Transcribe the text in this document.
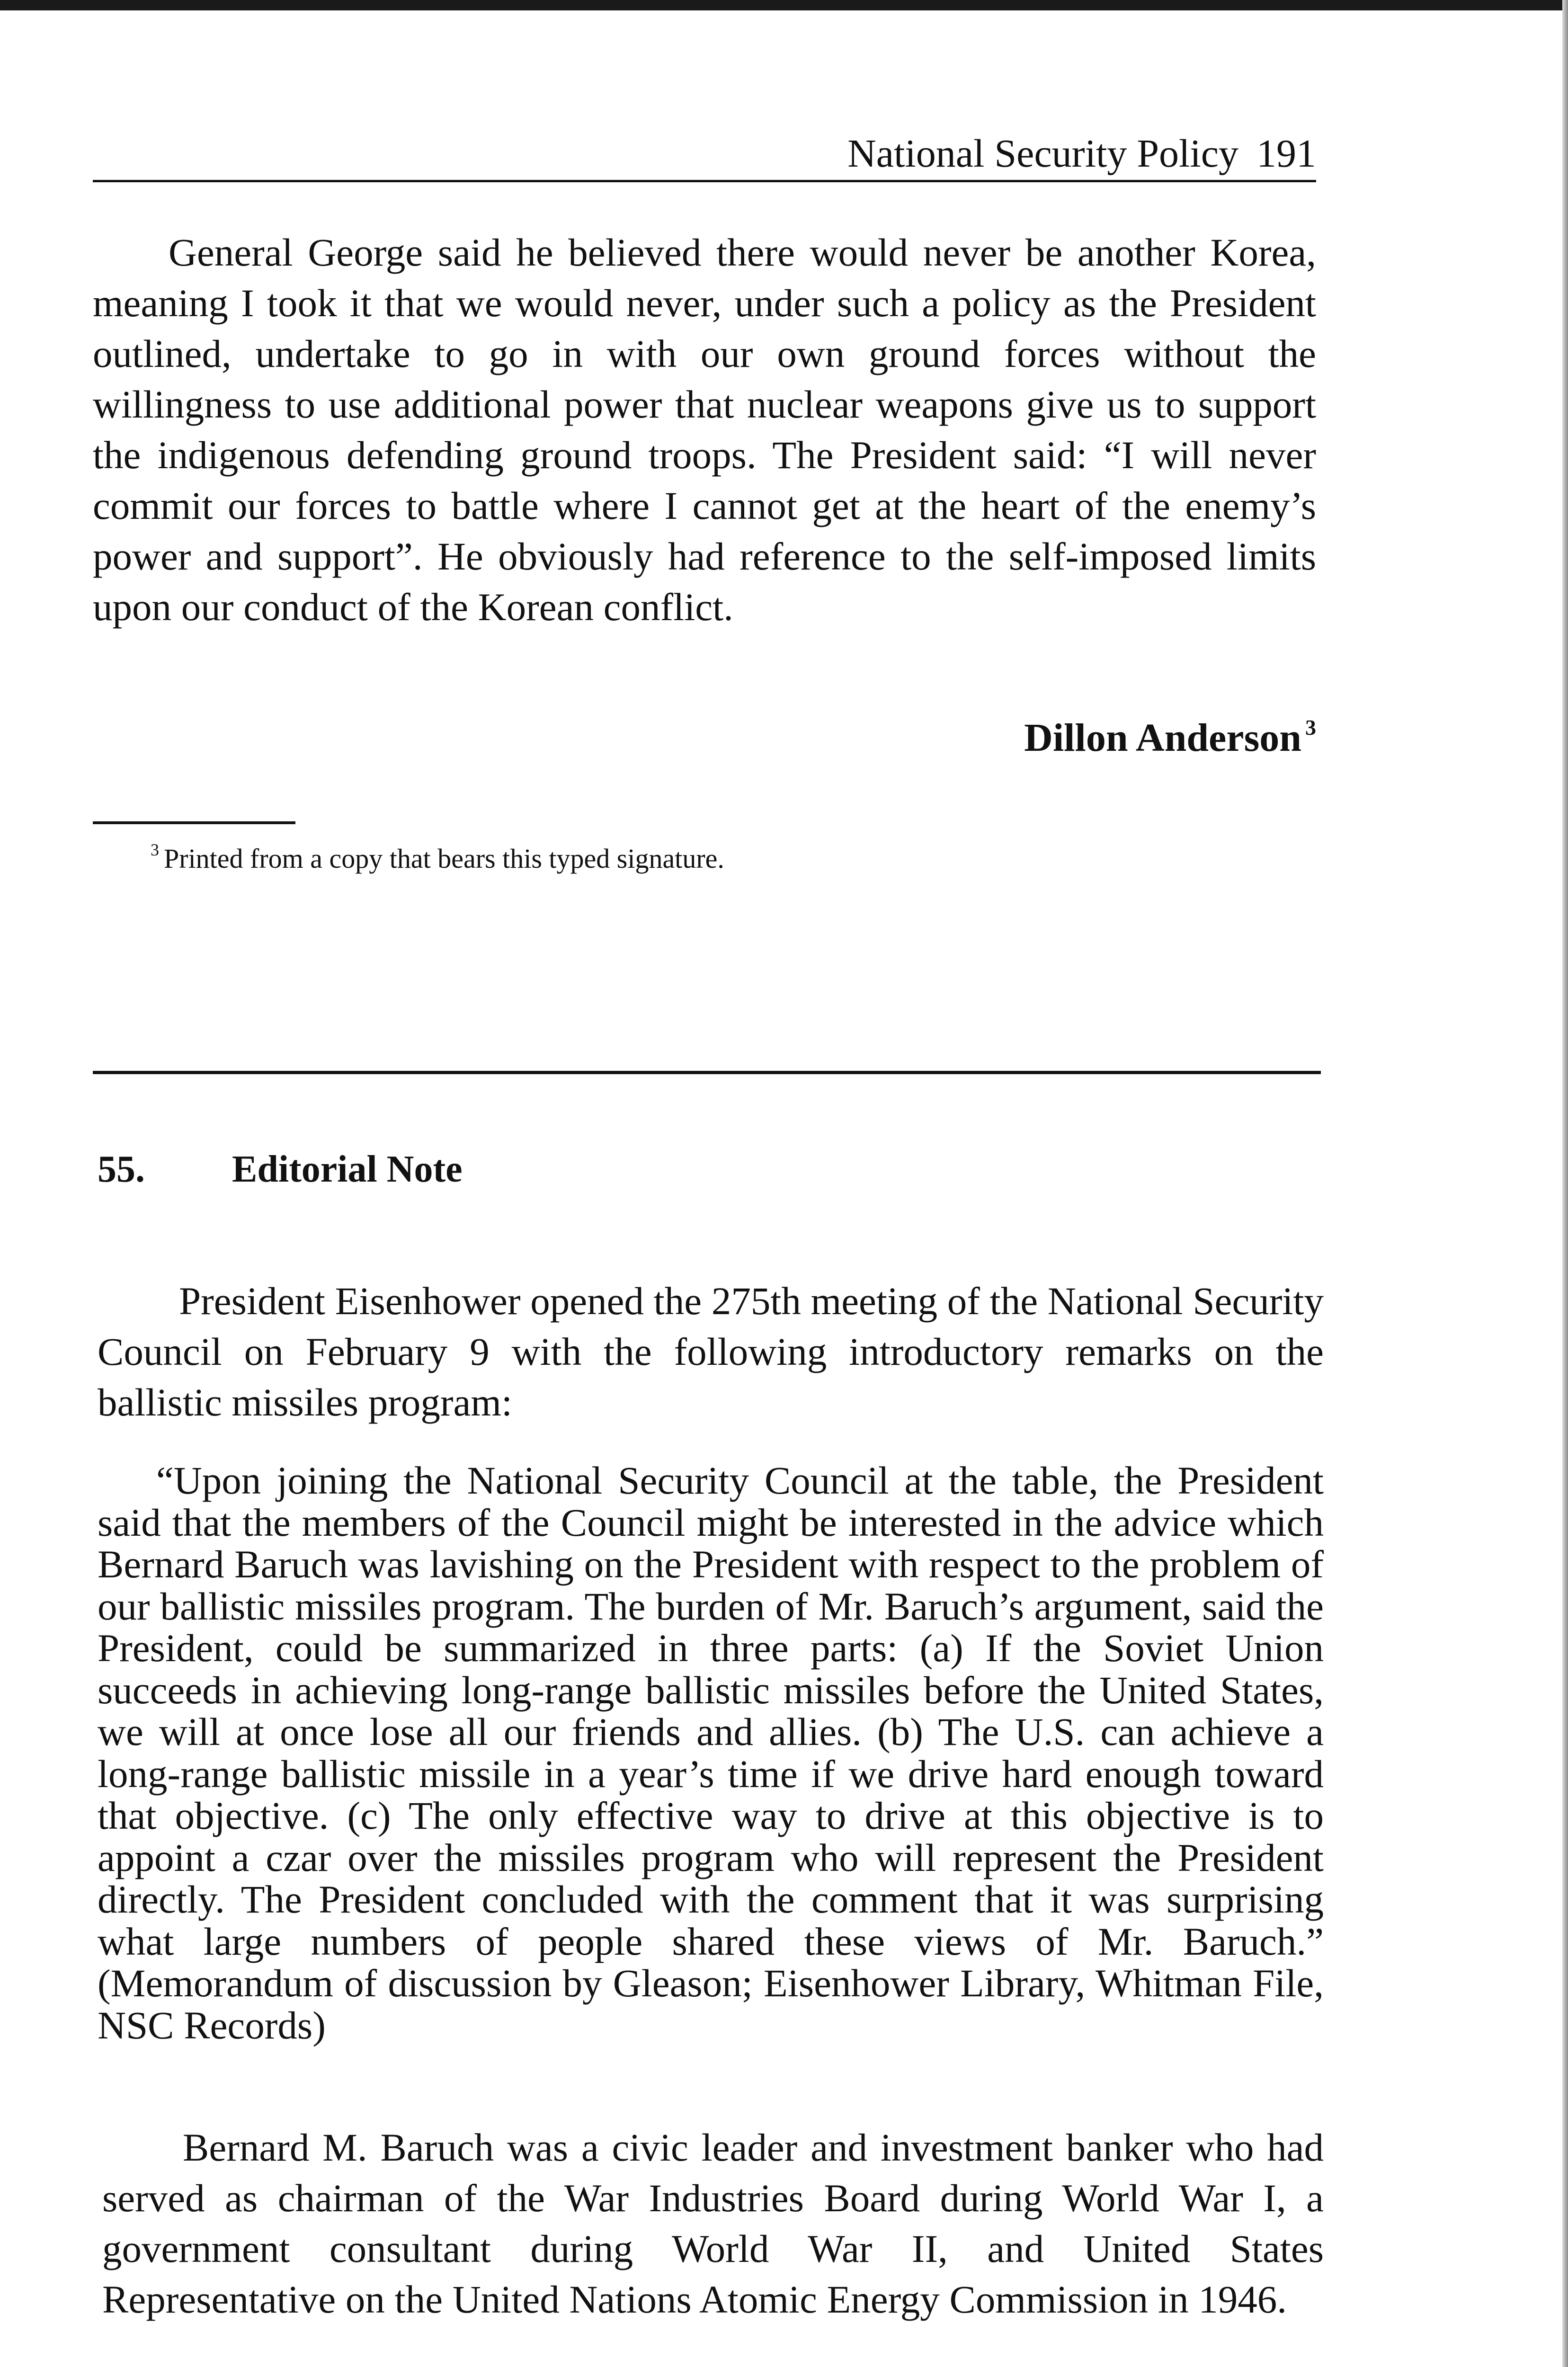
National Security Policy 191

General George said he believed there would never be another Korea, meaning I took it that we would never, under such a policy as the President outlined, undertake to go in with our own ground forces without the willingness to use additional power that nuclear weapons give us to support the indigenous defending ground troops. The President said: “I will never commit our forces to battle where I cannot get at the heart of the enemy’s power and support”. He obviously had reference to the self-imposed limits upon our conduct of the Korean conflict.

Dillon Anderson $^3$
$^3$ Printed from a copy that bears this typed signature.
55. Editorial Note

President Eisenhower opened the 275th meeting of the National Security Council on February 9 with the following introductory remarks on the ballistic missiles program:

“Upon joining the National Security Council at the table, the President said that the members of the Council might be interested in the advice which Bernard Baruch was lavishing on the President with respect to the problem of our ballistic missiles program. The burden of Mr. Baruch’s argument, said the President, could be summarized in three parts: (a) If the Soviet Union succeeds in achieving long-range ballistic missiles before the United States, we will at once lose all our friends and allies. (b) The U.S. can achieve a long-range ballistic missile in a year’s time if we drive hard enough toward that objective. (c) The only effective way to drive at this objective is to appoint a czar over the missiles program who will represent the President directly. The President concluded with the comment that it was surprising what large numbers of people shared these views of Mr. Baruch.” (Memorandum of discussion by Gleason; Eisenhower Library, Whitman File, NSC Records)

Bernard M. Baruch was a civic leader and investment banker who had served as chairman of the War Industries Board during World War I, a government consultant during World War II, and United States Representative on the United Nations Atomic Energy Commission in 1946.
